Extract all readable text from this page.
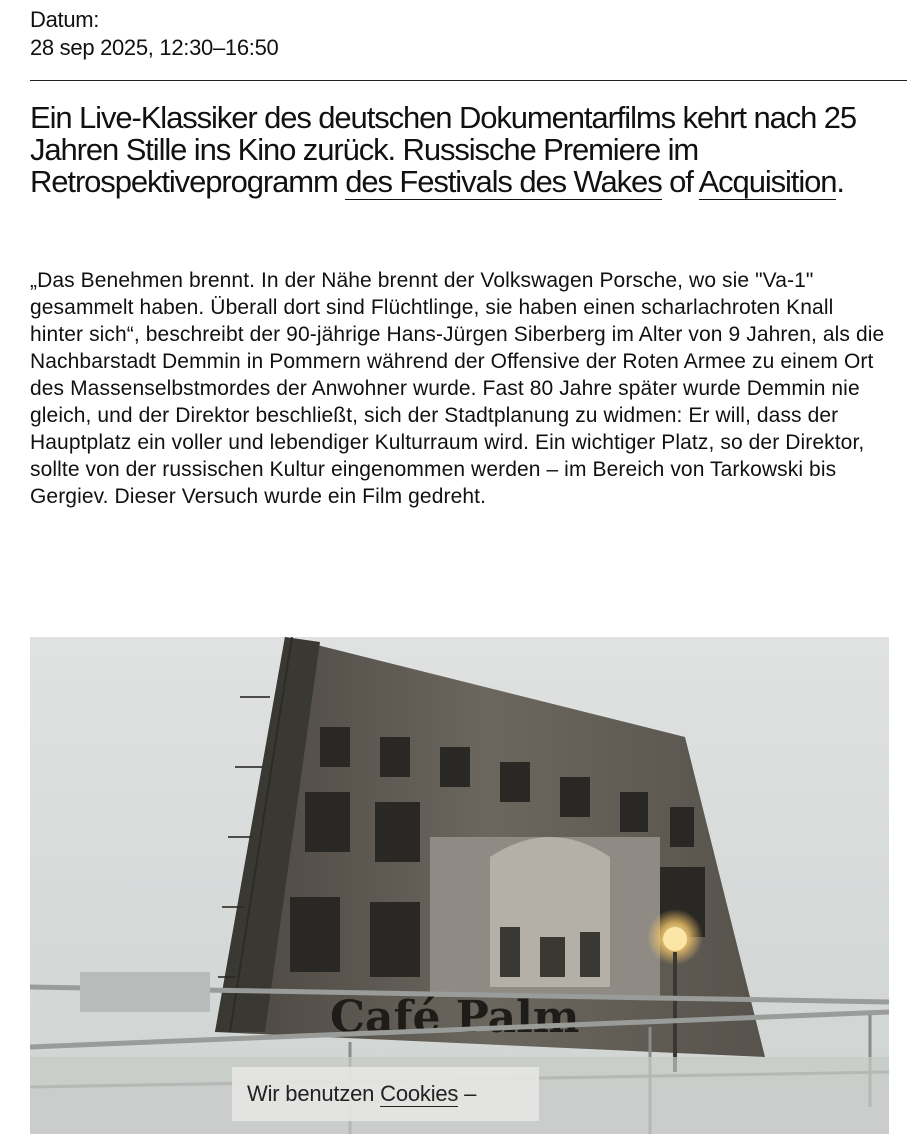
Datum:
28 sep 2025, 12:30–16:50

Ein Live-Klassiker des deutschen Dokumentarfilms kehrt nach 25 Jahren Stille ins Kino zurück. Russische Premiere im Retrospektiveprogramm des Festivals des Wakes of Acquisition.

„Das Benehmen brennt. In der Nähe brennt der Volkswagen Porsche, wo sie "Va-1" gesammelt haben. Überall dort sind Flüchtlinge, sie haben einen scharlachroten Knall hinter sich“, beschreibt der 90-jährige Hans-Jürgen Siberberg im Alter von 9 Jahren, als die Nachbarstadt Demmin in Pommern während der Offensive der Roten Armee zu einem Ort des Massenselbstmordes der Anwohner wurde. Fast 80 Jahre später wurde Demmin nie gleich, und der Direktor beschließt, sich der Stadtplanung zu widmen: Er will, dass der Hauptplatz ein voller und lebendiger Kulturraum wird. Ein wichtiger Platz, so der Direktor, sollte von der russischen Kultur eingenommen werden – im Bereich von Tarkowski bis Gergiev. Dieser Versuch wurde ein Film gedreht.

Café Palm
Wir benutzen Cookies –
